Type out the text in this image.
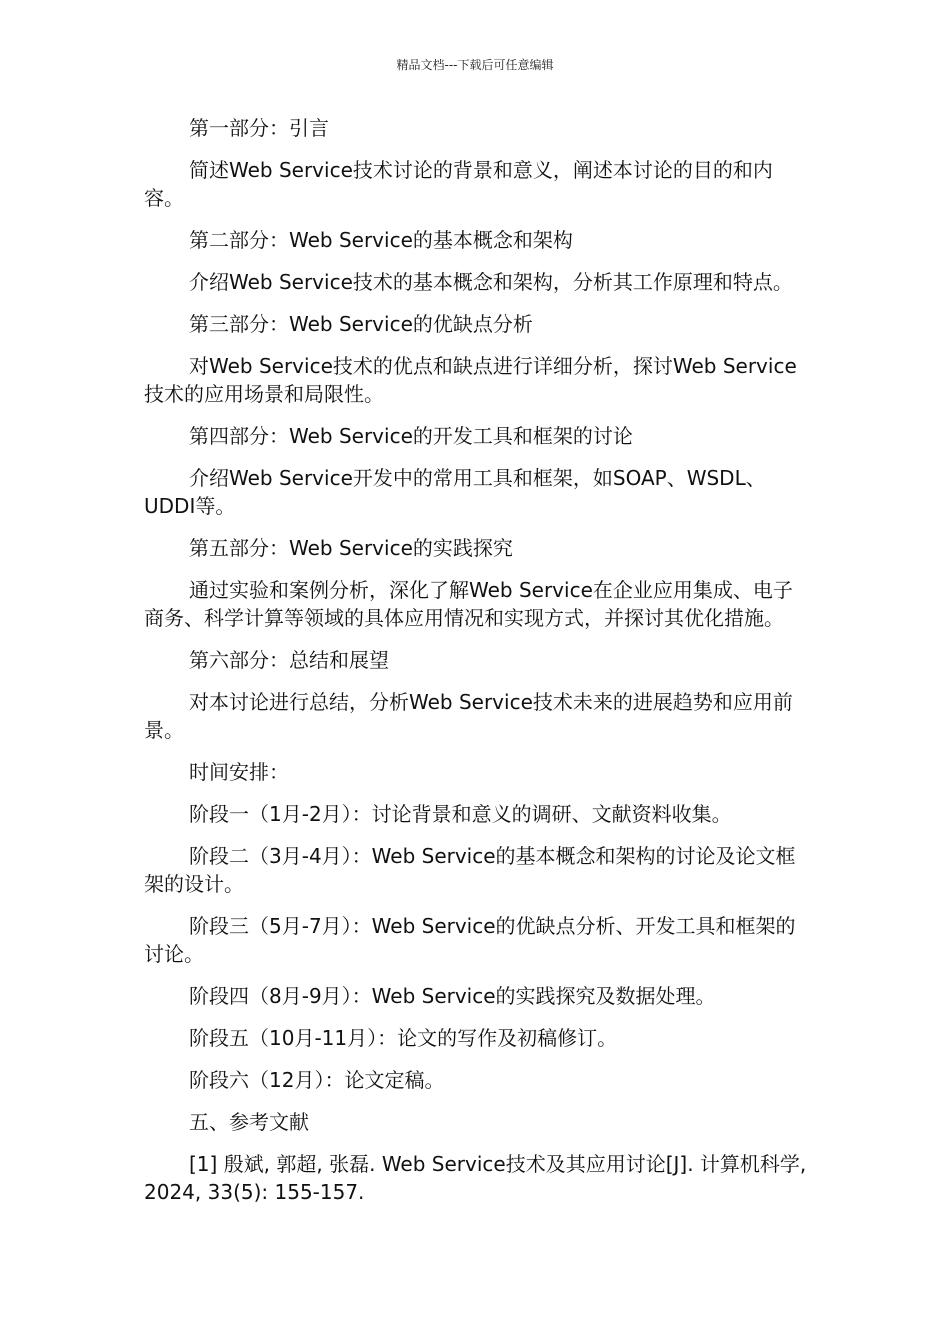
精品文档---下载后可任意编辑

第一部分：引言

简述Web Service技术讨论的背景和意义，阐述本讨论的目的和内容。

第二部分：Web Service的基本概念和架构

介绍Web Service技术的基本概念和架构，分析其工作原理和特点。

第三部分：Web Service的优缺点分析

对Web Service技术的优点和缺点进行详细分析，探讨Web Service技术的应用场景和局限性。

第四部分：Web Service的开发工具和框架的讨论

介绍Web Service开发中的常用工具和框架，如SOAP、WSDL、UDDI等。

第五部分：Web Service的实践探究

通过实验和案例分析，深化了解Web Service在企业应用集成、电子商务、科学计算等领域的具体应用情况和实现方式，并探讨其优化措施。

第六部分：总结和展望

对本讨论进行总结，分析Web Service技术未来的进展趋势和应用前景。

时间安排：

阶段一（1月-2月）：讨论背景和意义的调研、文献资料收集。

阶段二（3月-4月）：Web Service的基本概念和架构的讨论及论文框架的设计。

阶段三（5月-7月）：Web Service的优缺点分析、开发工具和框架的讨论。

阶段四（8月-9月）：Web Service的实践探究及数据处理。

阶段五（10月-11月）：论文的写作及初稿修订。

阶段六（12月）：论文定稿。

五、参考文献

[1] 殷斌, 郭超, 张磊. Web Service技术及其应用讨论[J]. 计算机科学, 2024, 33(5): 155-157.
